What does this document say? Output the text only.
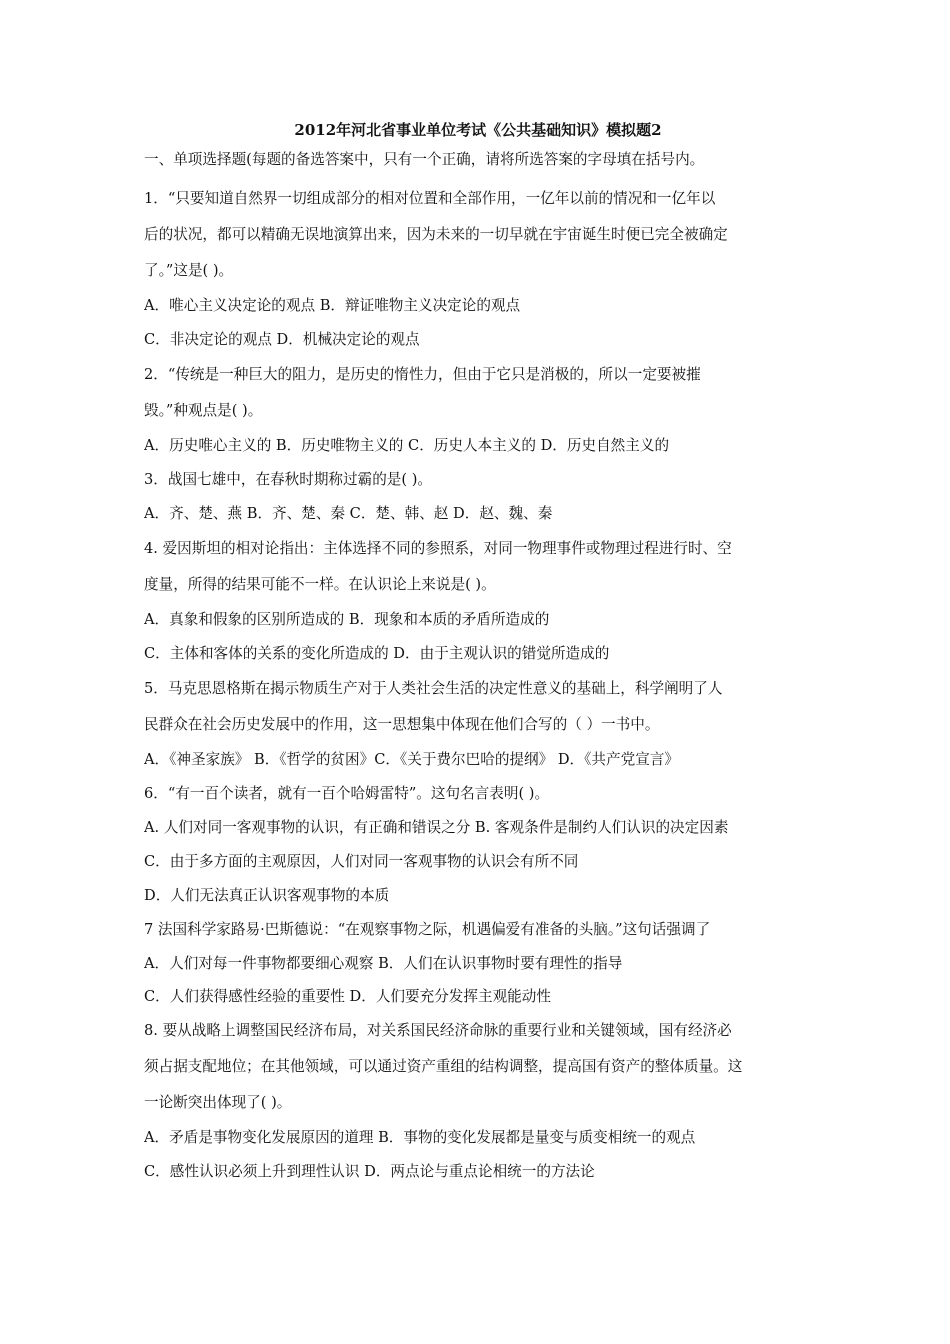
2012年河北省事业单位考试《公共基础知识》模拟题2
一、单项选择题(每题的备选答案中，只有一个正确，请将所选答案的字母填在括号内。
1．“只要知道自然界一切组成部分的相对位置和全部作用，一亿年以前的情况和一亿年以
后的状况，都可以精确无误地演算出来，因为未来的一切早就在宇宙诞生时便已完全被确定
了。”这是( )。
A．唯心主义决定论的观点 B．辩证唯物主义决定论的观点
C．非决定论的观点 D．机械决定论的观点
2．“传统是一种巨大的阻力，是历史的惰性力，但由于它只是消极的，所以一定要被摧
毁。”种观点是( )。
A．历史唯心主义的 B．历史唯物主义的 C．历史人本主义的 D．历史自然主义的
3．战国七雄中，在春秋时期称过霸的是( )。
A．齐、楚、燕 B．齐、楚、秦 C．楚、韩、赵 D．赵、魏、秦
4. 爱因斯坦的相对论指出：主体选择不同的参照系，对同一物理事件或物理过程进行时、空
度量，所得的结果可能不一样。在认识论上来说是( )。
A．真象和假象的区别所造成的 B．现象和本质的矛盾所造成的
C．主体和客体的关系的变化所造成的 D．由于主观认识的错觉所造成的
5．马克思恩格斯在揭示物质生产对于人类社会生活的决定性意义的基础上，科学阐明了人
民群众在社会历史发展中的作用，这一思想集中体现在他们合写的（ ）一书中。
A．《神圣家族》 B．《哲学的贫困》C．《关于费尔巴哈的提纲》 D．《共产党宣言》
6．“有一百个读者，就有一百个哈姆雷特”。这句名言表明( )。
A. 人们对同一客观事物的认识，有正确和错误之分 B. 客观条件是制约人们认识的决定因素
C．由于多方面的主观原因，人们对同一客观事物的认识会有所不同
D．人们无法真正认识客观事物的本质
7 法国科学家路易·巴斯德说：“在观察事物之际，机遇偏爱有准备的头脑。”这句话强调了
A．人们对每一件事物都要细心观察 B．人们在认识事物时要有理性的指导
C．人们获得感性经验的重要性 D．人们要充分发挥主观能动性
8. 要从战略上调整国民经济布局，对关系国民经济命脉的重要行业和关键领域，国有经济必
须占据支配地位；在其他领域，可以通过资产重组的结构调整，提高国有资产的整体质量。这
一论断突出体现了( )。
A．矛盾是事物变化发展原因的道理 B．事物的变化发展都是量变与质变相统一的观点
C．感性认识必须上升到理性认识 D．两点论与重点论相统一的方法论
